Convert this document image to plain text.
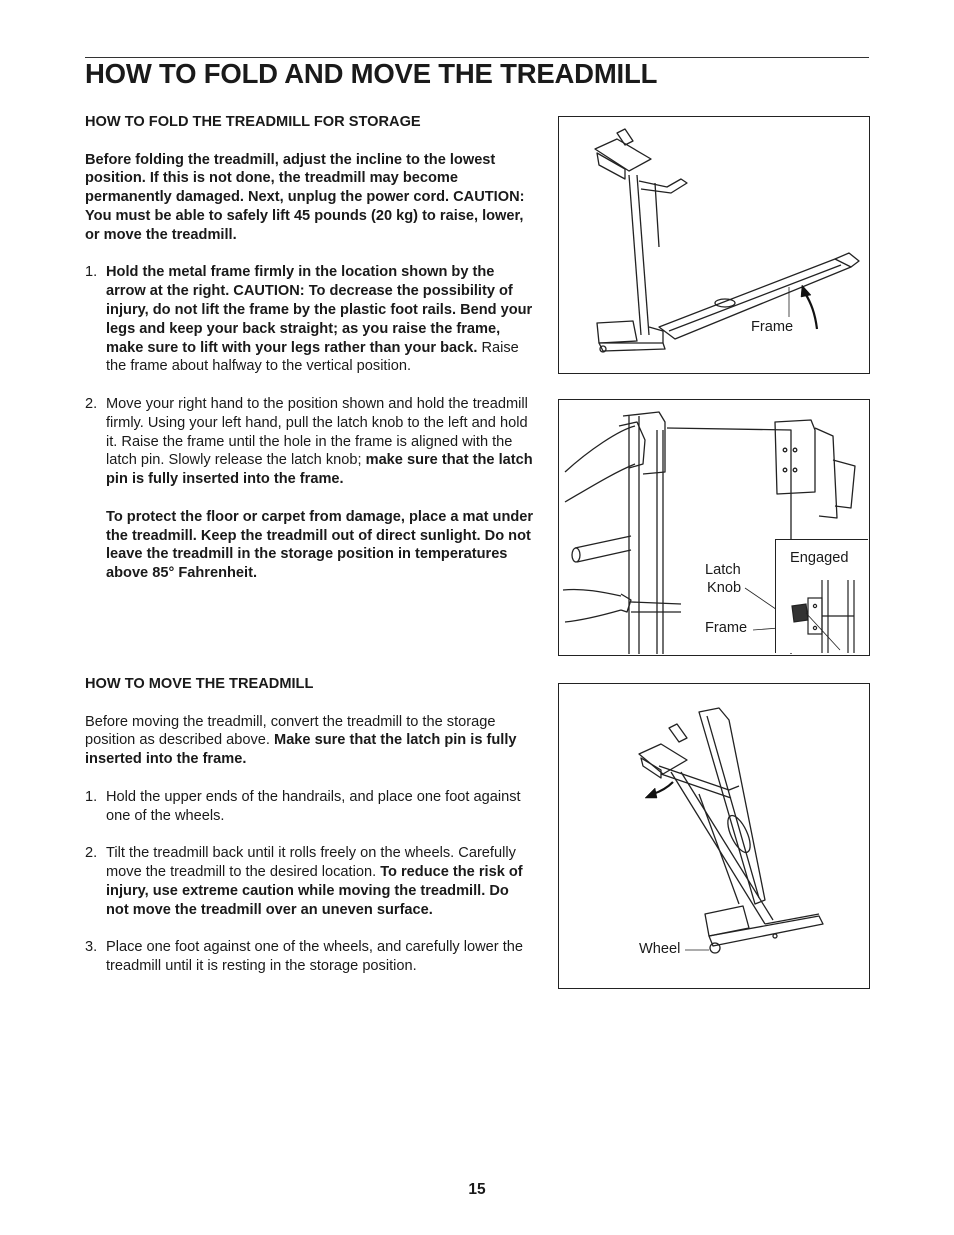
HOW TO FOLD AND MOVE THE TREADMILL

HOW TO FOLD THE TREADMILL FOR STORAGE

Before folding the treadmill, adjust the incline to the lowest position. If this is not done, the treadmill may become permanently damaged. Next, unplug the power cord. CAUTION: You must be able to safely lift 45 pounds (20 kg) to raise, lower, or move the treadmill.

1. Hold the metal frame firmly in the location shown by the arrow at the right. CAUTION: To decrease the possibility of injury, do not lift the frame by the plastic foot rails. Bend your legs and keep your back straight; as you raise the frame, make sure to lift with your legs rather than your back. Raise the frame about halfway to the vertical position.

2. Move your right hand to the position shown and hold the treadmill firmly. Using your left hand, pull the latch knob to the left and hold it. Raise the frame until the hole in the frame is aligned with the latch pin. Slowly release the latch knob; make sure that the latch pin is fully inserted into the frame.

To protect the floor or carpet from damage, place a mat under the treadmill. Keep the treadmill out of direct sunlight. Do not leave the treadmill in the storage position in temperatures above 85° Fahrenheit.

HOW TO MOVE THE TREADMILL

Before moving the treadmill, convert the treadmill to the storage position as described above. Make sure that the latch pin is fully inserted into the frame.

1. Hold the upper ends of the handrails, and place one foot against one of the wheels.

2. Tilt the treadmill back until it rolls freely on the wheels. Carefully move the treadmill to the desired location. To reduce the risk of injury, use extreme caution while moving the treadmill. Do not move the treadmill over an uneven surface.

3. Place one foot against one of the wheels, and carefully lower the treadmill until it is resting in the storage position.

Frame
Latch
Knob
Frame
Engaged
Wheel
15
